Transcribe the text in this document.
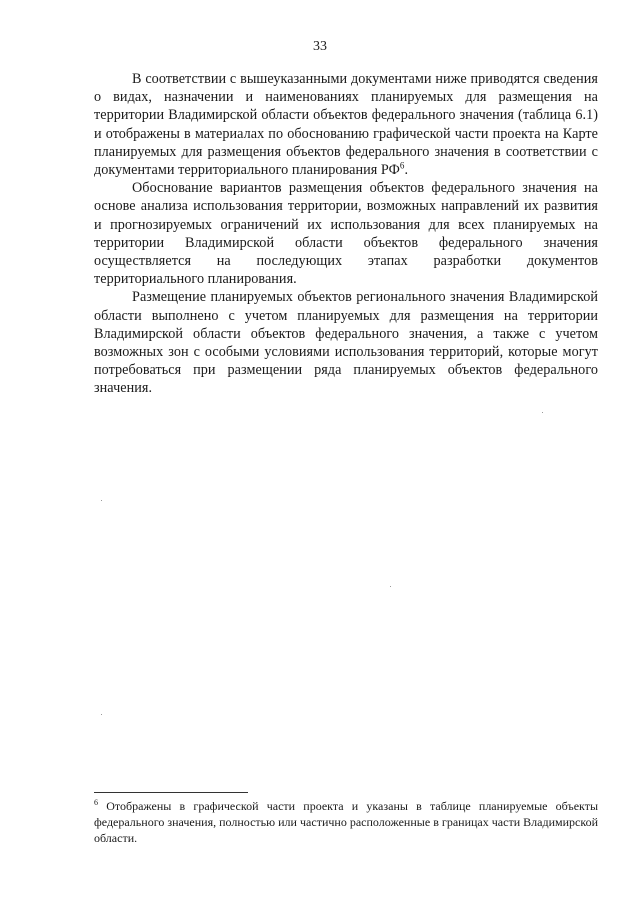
33

В соответствии с вышеуказанными документами ниже приводятся сведения о видах, назначении и наименованиях планируемых для размещения на территории Владимирской области объектов федерального значения (таблица 6.1) и отображены в материалах по обоснованию графической части проекта на Карте планируемых для размещения объектов федерального значения в соответствии с документами территориального планирования $РФ^6$.

Обоснование вариантов размещения объектов федерального значения на основе анализа использования территории, возможных направлений их развития и прогнозируемых ограничений их использования для всех планируемых на территории Владимирской области объектов федерального значения осуществляется на последующих этапах разработки документов территориального планирования.

Размещение планируемых объектов регионального значения Владимирской области выполнено с учетом планируемых для размещения на территории Владимирской области объектов федерального значения, а также с учетом возможных зон с особыми условиями использования территорий, которые могут потребоваться при размещении ряда планируемых объектов федерального значения.

$^6$ Отображены в графической части проекта и указаны в таблице планируемые объекты федерального значения, полностью или частично расположенные в границах части Владимирской области.
